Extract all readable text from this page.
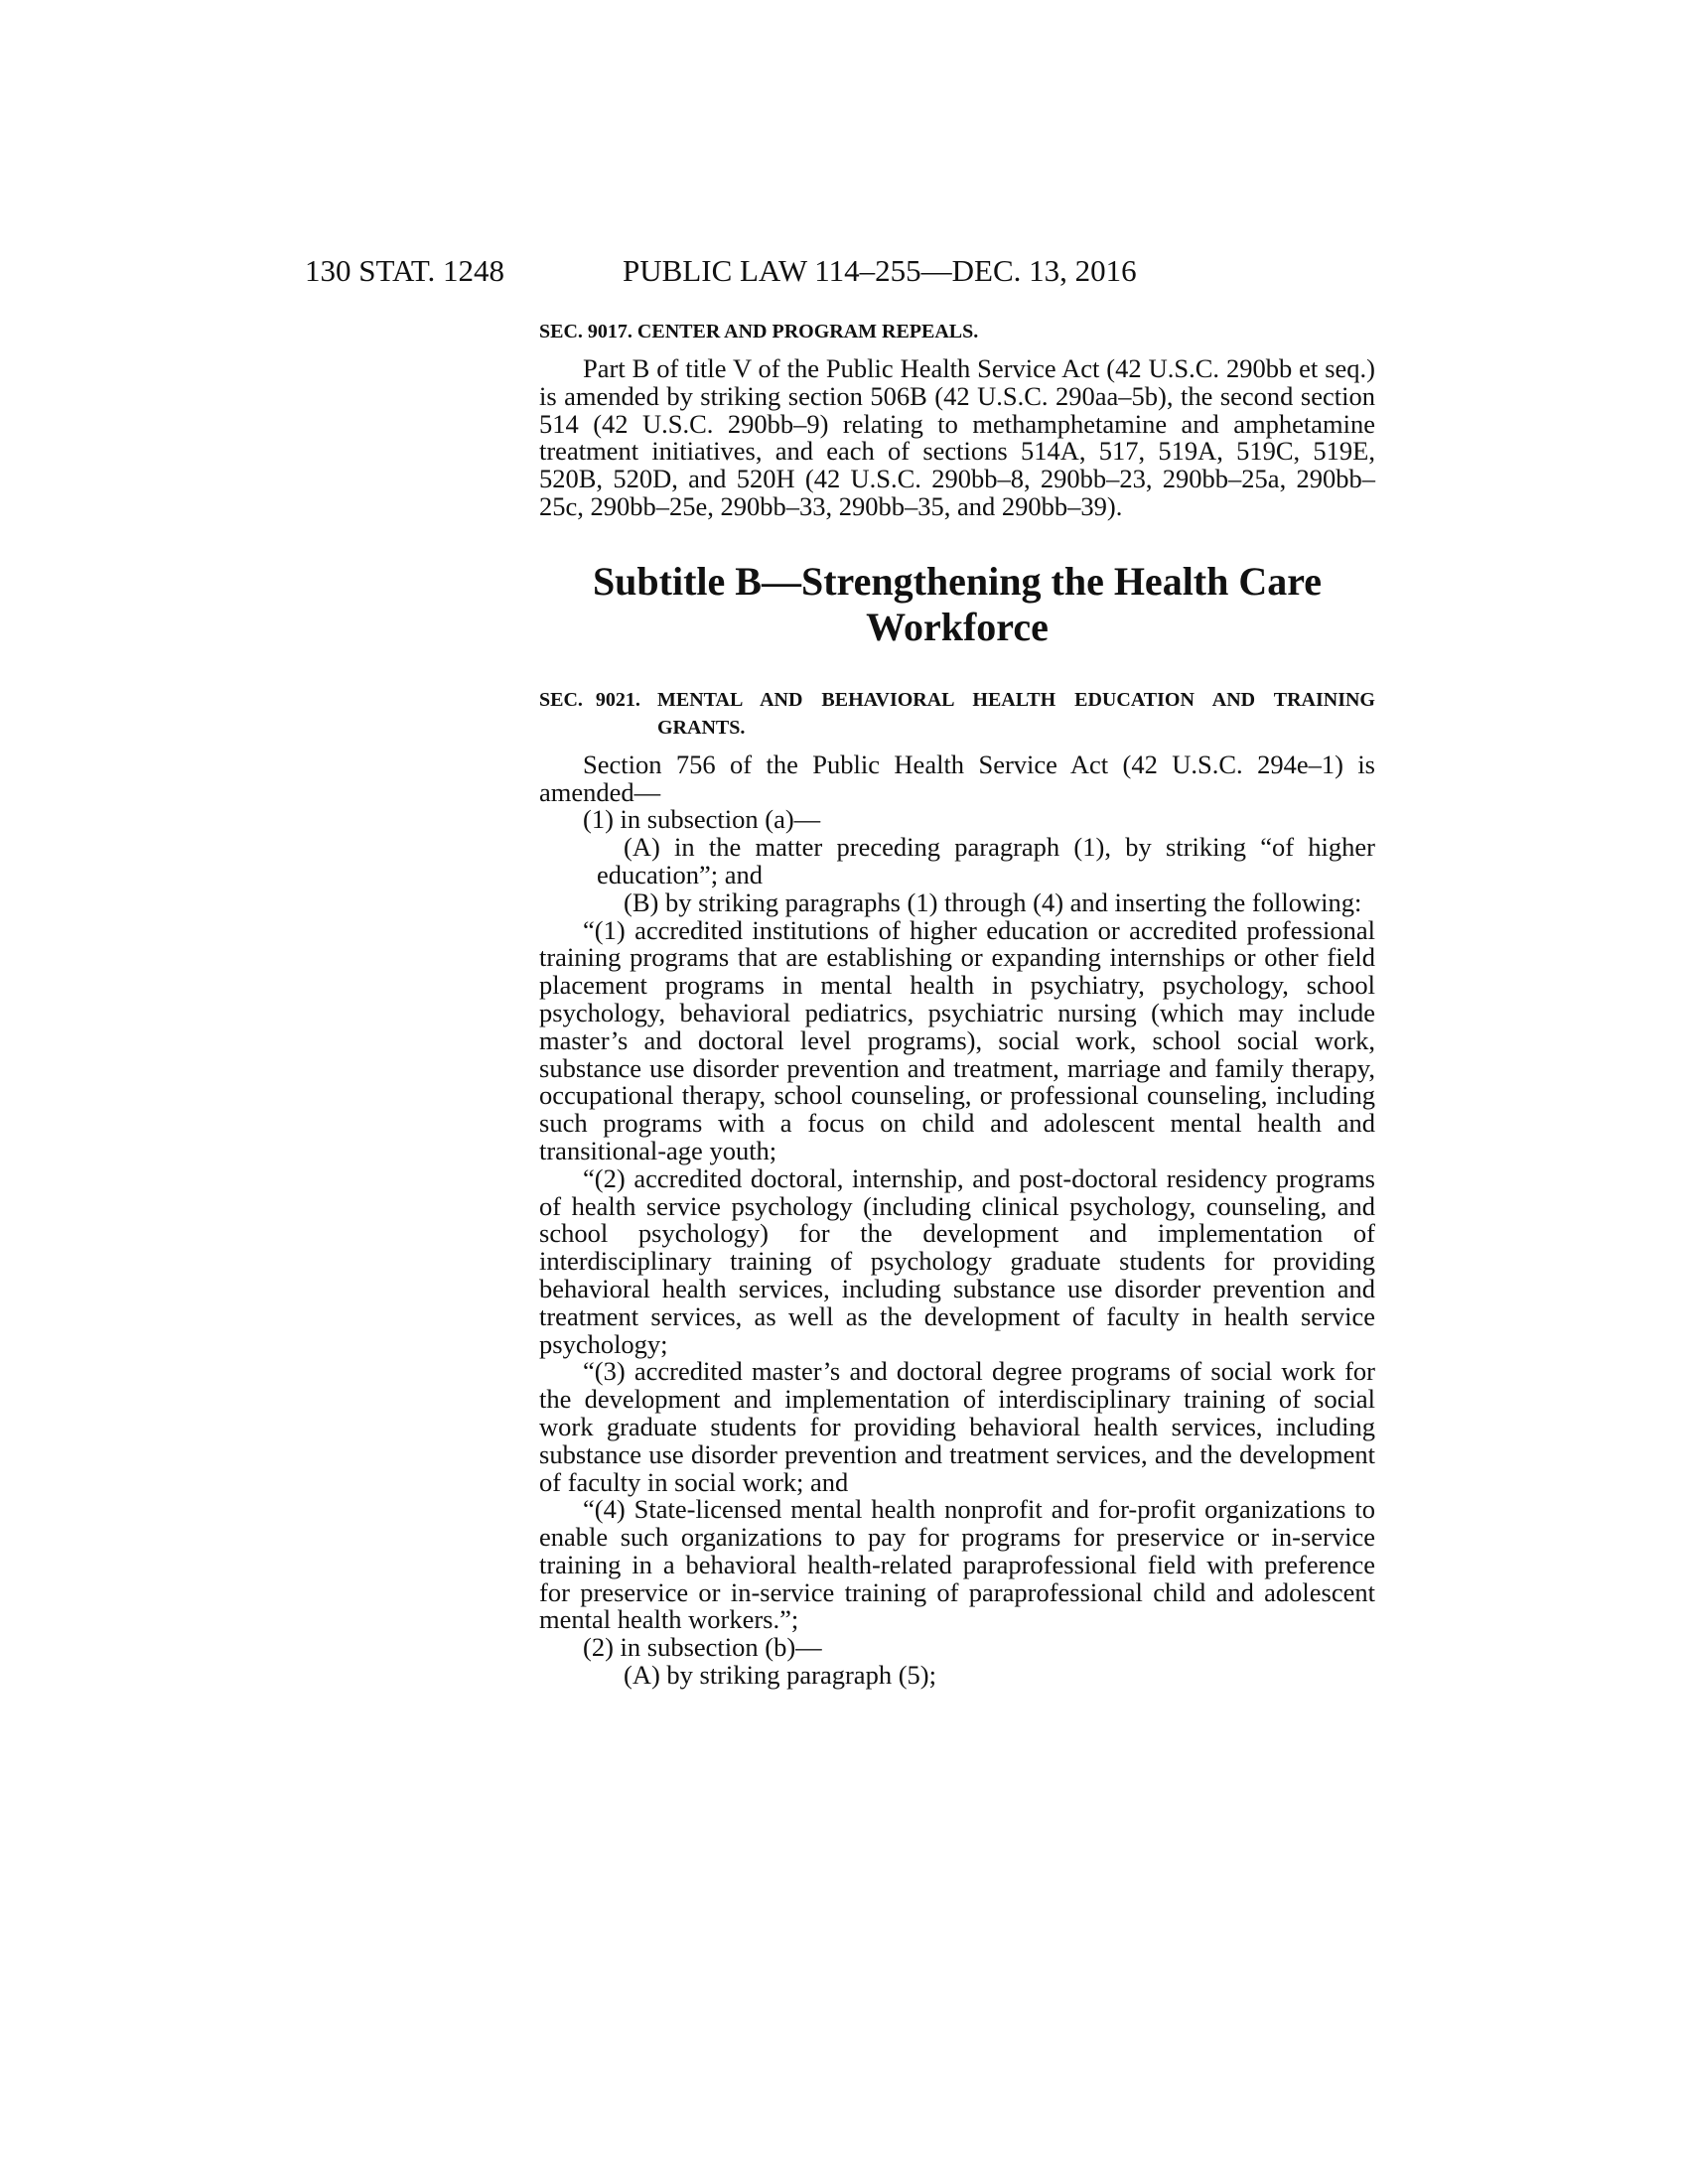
130 STAT. 1248	PUBLIC LAW 114–255—DEC. 13, 2016

SEC. 9017. CENTER AND PROGRAM REPEALS.

Part B of title V of the Public Health Service Act (42 U.S.C. 290bb et seq.) is amended by striking section 506B (42 U.S.C. 290aa–5b), the second section 514 (42 U.S.C. 290bb–9) relating to methamphetamine and amphetamine treatment initiatives, and each of sections 514A, 517, 519A, 519C, 519E, 520B, 520D, and 520H (42 U.S.C. 290bb–8, 290bb–23, 290bb–25a, 290bb–25c, 290bb–25e, 290bb–33, 290bb–35, and 290bb–39).

Subtitle B—Strengthening the Health Care
Workforce
SEC. 9021. MENTAL AND BEHAVIORAL HEALTH EDUCATION AND TRAINING GRANTS.

Section 756 of the Public Health Service Act (42 U.S.C. 294e–1) is amended—

(1) in subsection (a)—

(A) in the matter preceding paragraph (1), by striking “of higher education”; and

(B) by striking paragraphs (1) through (4) and inserting the following:

“(1) accredited institutions of higher education or accredited professional training programs that are establishing or expanding internships or other field placement programs in mental health in psychiatry, psychology, school psychology, behavioral pediatrics, psychiatric nursing (which may include master’s and doctoral level programs), social work, school social work, substance use disorder prevention and treatment, marriage and family therapy, occupational therapy, school counseling, or professional counseling, including such programs with a focus on child and adolescent mental health and transitional-age youth;

“(2) accredited doctoral, internship, and post-doctoral residency programs of health service psychology (including clinical psychology, counseling, and school psychology) for the development and implementation of interdisciplinary training of psychology graduate students for providing behavioral health services, including substance use disorder prevention and treatment services, as well as the development of faculty in health service psychology;

“(3) accredited master’s and doctoral degree programs of social work for the development and implementation of interdisciplinary training of social work graduate students for providing behavioral health services, including substance use disorder prevention and treatment services, and the development of faculty in social work; and

“(4) State-licensed mental health nonprofit and for-profit organizations to enable such organizations to pay for programs for preservice or in-service training in a behavioral health-related paraprofessional field with preference for preservice or in-service training of paraprofessional child and adolescent mental health workers.”;

(2) in subsection (b)—

(A) by striking paragraph (5);
